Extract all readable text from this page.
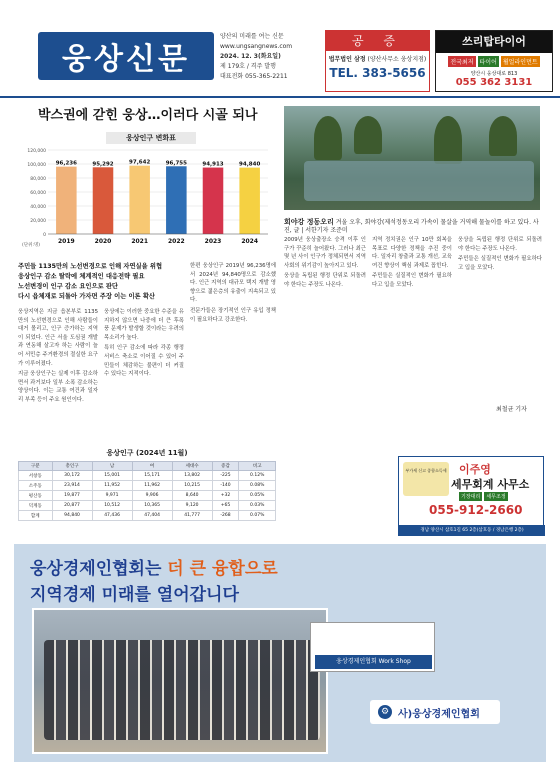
웅상신문
양산의 미래를 여는 신문
www.ungsangnews.com
2024. 12. 3(화요일)
제 179호 / 격주 발행
대표전화 055-365-2211
공 증
법무법인 삼정 (양산사무소 웅상지점)
TEL. 383-5656
쓰리탑타이어
전국최저	타이어	휠얼라인먼트
양산시 웅상대로 813
055 362 3131
박스권에 갇힌 웅상…이러다 시골 되나
0
20,000
40,000
60,000
80,000
100,000
120,000
(단위:명)
96,236
2019
95,292
2020
97,642
2021
96,755
2022
94,913
2023
94,840
2024
웅상인구 변화표
회야강 정동오리 겨울 오후, 회야강(제석정동오리 가속이 물살을 거역해 물놀이를 하고 있다. 사진, 글 | 서한기자 조준미
주민들 1135만의 노선변경으로 인해 자연실을 위협
웅상인구 감소 탈락에 체계적인 대응전략 필요
노선변경이 인구 감소 요인으로 판단
다시 읍체재로 되돌아 가자면 주장 이는 이론 확산

웅상지역은 지금 읍본부로 1135만의 노선변경으로 인해 사람들이 대거 몰리고, 인구 증가하는 지역이 되었다. 인근 서울 도심권 개발과 연동해 살고자 하는 사람이 늘어 서민층 주거환경의 절실한 요구가 이루어졌다.

지금 웅상인구는 실제 이후 감소하면서 과거보다 일부 소폭 감소하는 양상이다. 이는 교통 여건과 일자리 부족 등이 주요 원인이다.

웅상에는 이러한 중요한 수준을 유지하지 않으면 나중에 더 큰 후폭풍 문제가 발생할 것이라는 우려의 목소리가 높다.

특히 인구 감소에 따라 각종 행정 서비스 축소로 이어질 수 있어 주민들이 체감하는 불편이 더 커질 수 있다는 지적이다.

한편 웅상인구 2019년 96,236명에서 2024년 94,840명으로 감소했다. 인근 지역의 대규모 택지 개발 영향으로 젊은층의 유출이 지속되고 있다.

전문가들은 장기적인 인구 유입 정책이 필요하다고 강조한다.

2009년 웅상출장소 승격 이후 인구가 꾸준히 늘어왔다. 그러나 최근 몇 년 사이 인구가 정체되면서 지역 사회의 위기감이 높아지고 있다.

웅상을 독립된 행정 단위로 되돌려야 한다는 주장도 나온다.

지역 정치권은 인구 10만 회복을 목표로 다양한 정책을 추진 중이다. 일자리 창출과 교통 개선, 교육 여건 향상이 핵심 과제로 꼽힌다.

주민들은 실질적인 변화가 필요하다고 입을 모았다.

웅상을 독립된 행정 단위로 되돌려야 한다는 주장도 나온다.

주민들은 실질적인 변화가 필요하다고 입을 모았다.

최철균 기자
웅상인구 (2024년 11월)
구분	총인구	남	여	세대수	증감	비고
서창동	30,172	15,001	15,171	13,802	-225	0.12%
소주동	23,914	11,952	11,962	10,215	-140	0.08%
평산동	19,877	9,971	9,906	8,640	+32	0.05%
덕계동	20,877	10,512	10,365	9,120	+65	0.03%
합계	94,840	47,436	47,404	41,777	-268	0.07%
부가세 신고 종합소득세 이주영
세무회계 사무소
기장대리	세무조정
055-912-2660
경남 양산시 삼호1길 65 2층(삼호동 / 경남은행 2층)
웅상경제인협회는 더 큰 융합으로
지역경제 미래를 열어갑니다
웅상경제인협회 Work Shop
⚙ 사)웅상경제인협회
